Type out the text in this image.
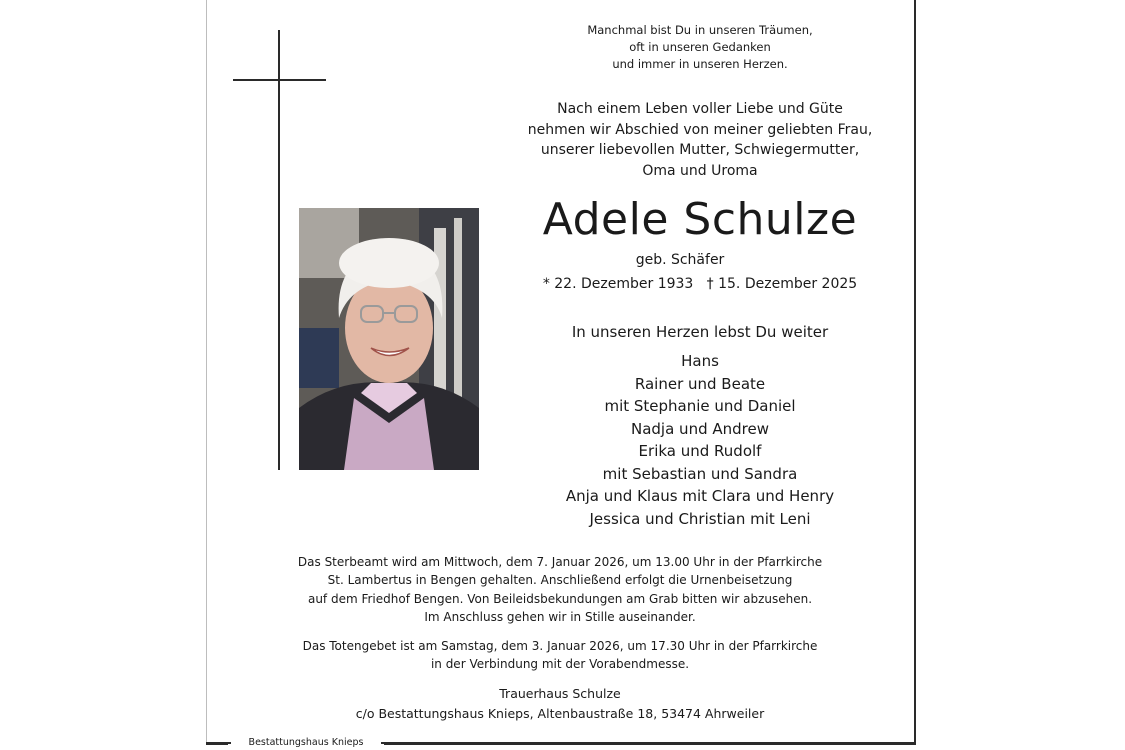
Manchmal bist Du in unseren Träumen,
oft in unseren Gedanken
und immer in unseren Herzen.
Nach einem Leben voller Liebe und Güte
nehmen wir Abschied von meiner geliebten Frau,
unserer liebevollen Mutter, Schwiegermutter,
Oma und Uroma
Adele Schulze
geb. Schäfer
* 22. Dezember 1933   † 15. Dezember 2025
In unseren Herzen lebst Du weiter
Hans
Rainer und Beate
mit Stephanie und Daniel
Nadja und Andrew
Erika und Rudolf
mit Sebastian und Sandra
Anja und Klaus mit Clara und Henry
Jessica und Christian mit Leni
Das Sterbeamt wird am Mittwoch, dem 7. Januar 2026, um 13.00 Uhr in der Pfarrkirche
St. Lambertus in Bengen gehalten. Anschließend erfolgt die Urnenbeisetzung
auf dem Friedhof Bengen. Von Beileidsbekundungen am Grab bitten wir abzusehen.
Im Anschluss gehen wir in Stille auseinander.
Das Totengebet ist am Samstag, dem 3. Januar 2026, um 17.30 Uhr in der Pfarrkirche
in der Verbindung mit der Vorabendmesse.
Trauerhaus Schulze
c/o Bestattungshaus Knieps, Altenbaustraße 18, 53474 Ahrweiler
Bestattungshaus Knieps
